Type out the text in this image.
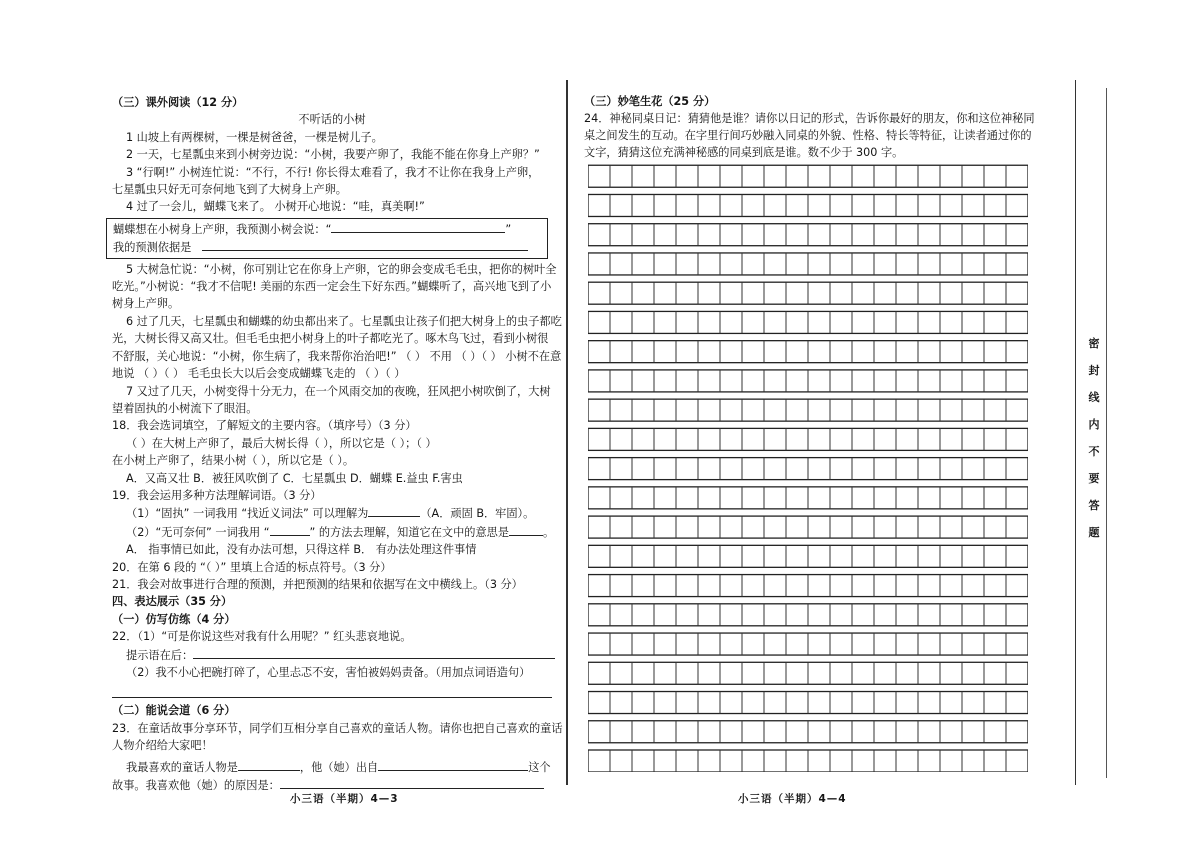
（三）课外阅读（12 分）

不听话的小树

1 山坡上有两棵树，一棵是树爸爸，一棵是树儿子。

2 一天，七星瓢虫来到小树旁边说：“小树，我要产卵了，我能不能在你身上产卵？”

3 “行啊!” 小树连忙说：“不行，不行! 你长得太难看了，我才不让你在我身上产卵，

七星瓢虫只好无可奈何地飞到了大树身上产卵。

4 过了一会儿，蝴蝶飞来了。 小树开心地说：“哇，真美啊!”

蝴蝶想在小树身上产卵，我预测小树会说：“	”

我的预测依据是

5 大树急忙说：“小树，你可别让它在你身上产卵，它的卵会变成毛毛虫，把你的树叶全

吃光。”小树说：“我才不信呢! 美丽的东西一定会生下好东西。”蝴蝶听了，高兴地飞到了小

树身上产卵。

6 过了几天，七星瓢虫和蝴蝶的幼虫都出来了。七星瓢虫让孩子们把大树身上的虫子都吃

光，大树长得又高又壮。但毛毛虫把小树身上的叶子都吃光了。啄木鸟飞过，看到小树很

不舒服，关心地说：“小树，你生病了，我来帮你治治吧!” （ ） 不用 （ ）（ ） 小树不在意

地说 （ ）（ ） 毛毛虫长大以后会变成蝴蝶飞走的 （ ）（ ）

7 又过了几天，小树变得十分无力，在一个风雨交加的夜晚，狂风把小树吹倒了，大树

望着固执的小树流下了眼泪。

18．我会选词填空，了解短文的主要内容。（填序号）（3 分）

（ ）在大树上产卵了，最后大树长得（ ），所以它是（ ）；（ ）

在小树上产卵了，结果小树（ ），所以它是（ ）。

A．又高又壮 B．被狂风吹倒了 C．七星瓢虫 D．蝴蝶 E.益虫 F.害虫

19．我会运用多种方法理解词语。（3 分）

（1）“固执” 一词我用 “找近义词法” 可以理解为	（A．顽固 B．牢固）。

（2）“无可奈何” 一词我用 “	” 的方法去理解，知道它在文中的意思是	。

A． 指事情已如此，没有办法可想，只得这样 B． 有办法处理这件事情

20．在第 6 段的 “（ ）” 里填上合适的标点符号。（3 分）

21．我会对故事进行合理的预测，并把预测的结果和依据写在文中横线上。（3 分）

四、表达展示（35 分）

（一）仿写仿练（4 分）

22．（1）“可是你说这些对我有什么用呢？” 红头悲哀地说。

提示语在后：

（2）我不小心把碗打碎了，心里忐忑不安，害怕被妈妈责备。（用加点词语造句）

（二）能说会道（6 分）

23．在童话故事分享环节，同学们互相分享自己喜欢的童话人物。请你也把自己喜欢的童话

人物介绍给大家吧！

我最喜欢的童话人物是	，他（她）出自	这个

故事。我喜欢他（她）的原因是：

小三语（半期）4—3

（三）妙笔生花（25 分）

24．神秘同桌日记：猜猜他是谁？请你以日记的形式，告诉你最好的朋友，你和这位神秘同

桌之间发生的互动。在字里行间巧妙融入同桌的外貌、性格、特长等特征，让读者通过你的

文字，猜猜这位充满神秘感的同桌到底是谁。数不少于 300 字。

小三语（半期）4—4
密
封
线
内
不
要
答
题
